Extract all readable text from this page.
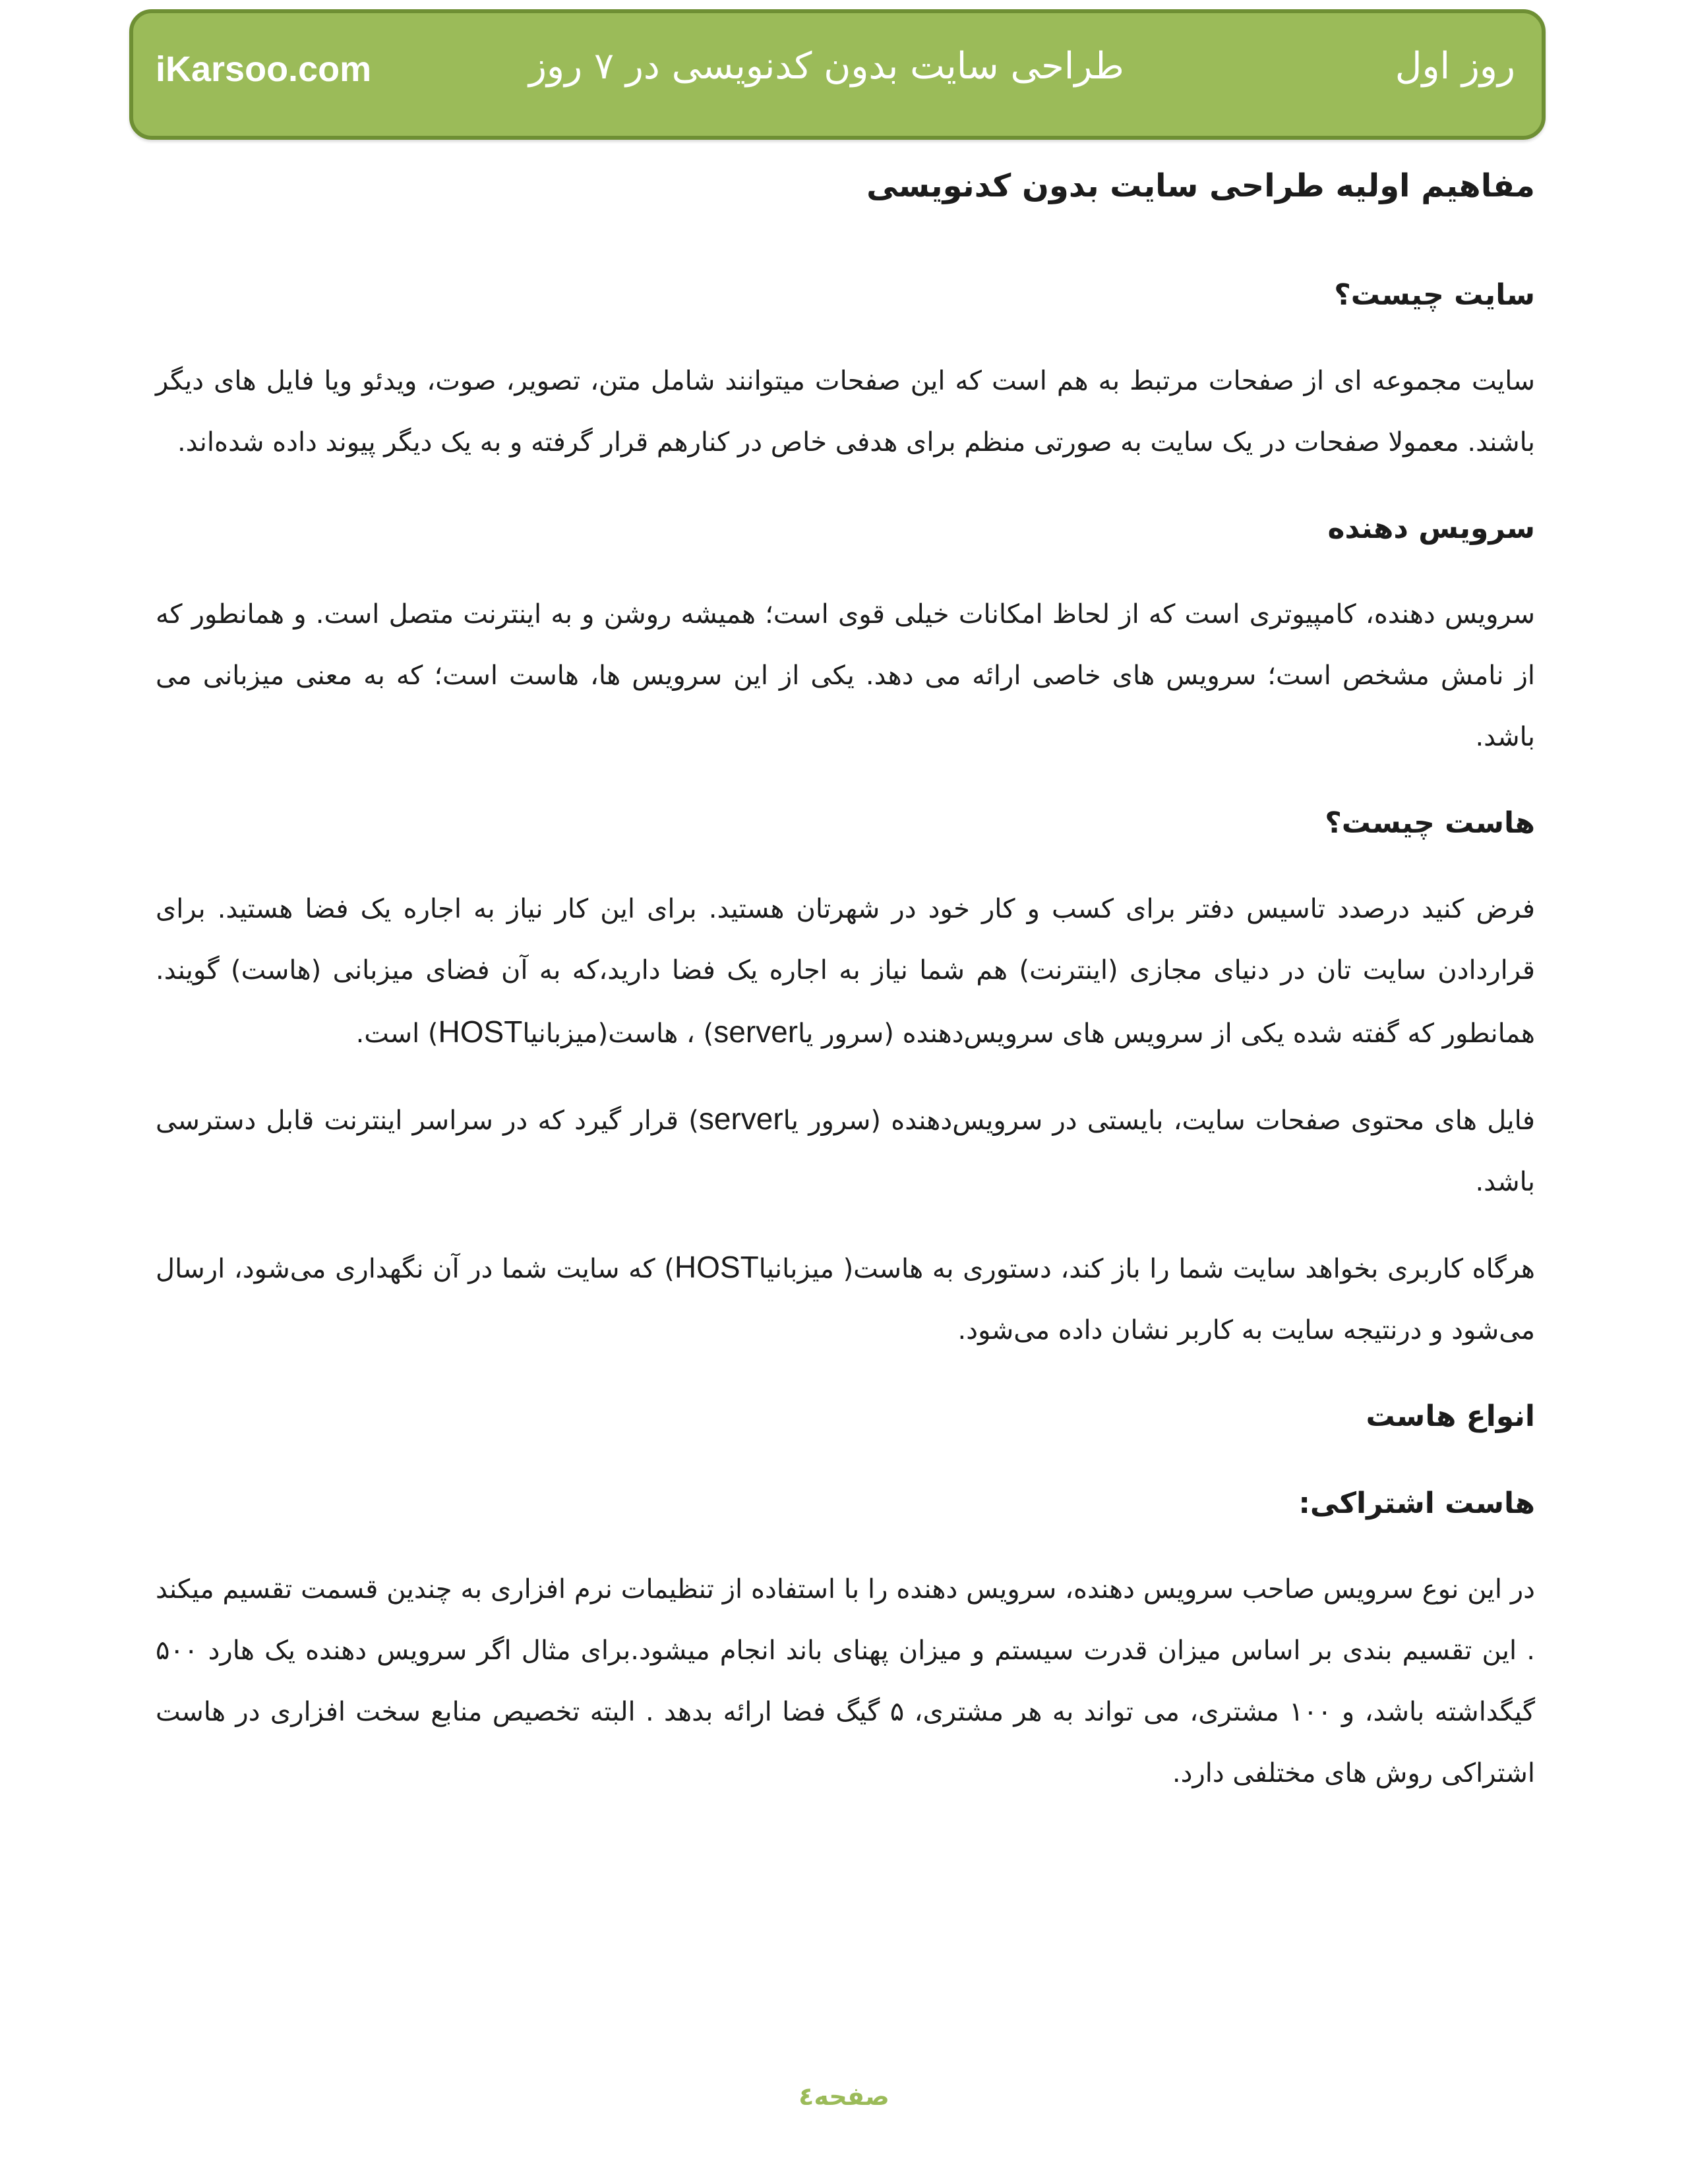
iKarsoo.com	طراحی سایت بدون کدنویسی در ۷ روز	روز اول
مفاهیم اولیه طراحی سایت بدون کدنویسی
سایت چیست؟

سایت مجموعه ای از صفحات مرتبط به هم است که این صفحات میتوانند شامل متن، تصویر، صوت، ویدئو ویا فایل های دیگر باشند. معمولا صفحات در یک سایت به صورتی منظم برای هدفی خاص در کنارهم قرار گرفته و به یک دیگر پیوند داده شده‌اند.

سرویس دهنده

سرویس دهنده، کامپیوتری است که از لحاظ امکانات خیلی قوی است؛ همیشه روشن و به اینترنت متصل است. و همانطور که از نامش مشخص است؛ سرویس های خاصی ارائه می دهد. یکی از این سرویس ها، هاست است؛ که به معنی میزبانی می باشد.

هاست چیست؟

فرض کنید درصدد تاسیس دفتر برای کسب و کار خود در شهرتان هستید. برای این کار نیاز به اجاره یک فضا هستید. برای قراردادن سایت تان در دنیای مجازی (اینترنت) هم شما نیاز به اجاره یک فضا دارید،که به آن فضای میزبانی (هاست) گویند. همانطور که گفته شده یکی از سرویس های سرویس‌دهنده (سرور یاserver) ، هاست(میزبانیاHOST) است.

فایل های محتوی صفحات سایت، بایستی در سرویس‌دهنده (سرور یاserver) قرار گیرد که در سراسر اینترنت قابل دسترسی باشد.

هرگاه کاربری بخواهد سایت شما را باز کند، دستوری به هاست( میزبانیاHOST) که سایت شما در آن نگهداری می‌شود، ارسال می‌شود و درنتیجه سایت به کاربر نشان داده می‌شود.

انواع هاست
هاست اشتراکی:

در این نوع سرویس صاحب سرویس دهنده، سرویس دهنده را با استفاده از تنظیمات نرم افزاری به چندین قسمت تقسیم میکند . این تقسیم بندی بر اساس میزان قدرت سیستم و میزان پهنای باند انجام میشود.برای مثال اگر سرویس دهنده یک هارد ۵۰۰ گیگداشته باشد، و ۱۰۰ مشتری، می تواند به هر مشتری، ۵ گیگ فضا ارائه بدهد . البته تخصیص منابع سخت افزاری در هاست اشتراکی روش های مختلفی دارد.

صفحه٤
